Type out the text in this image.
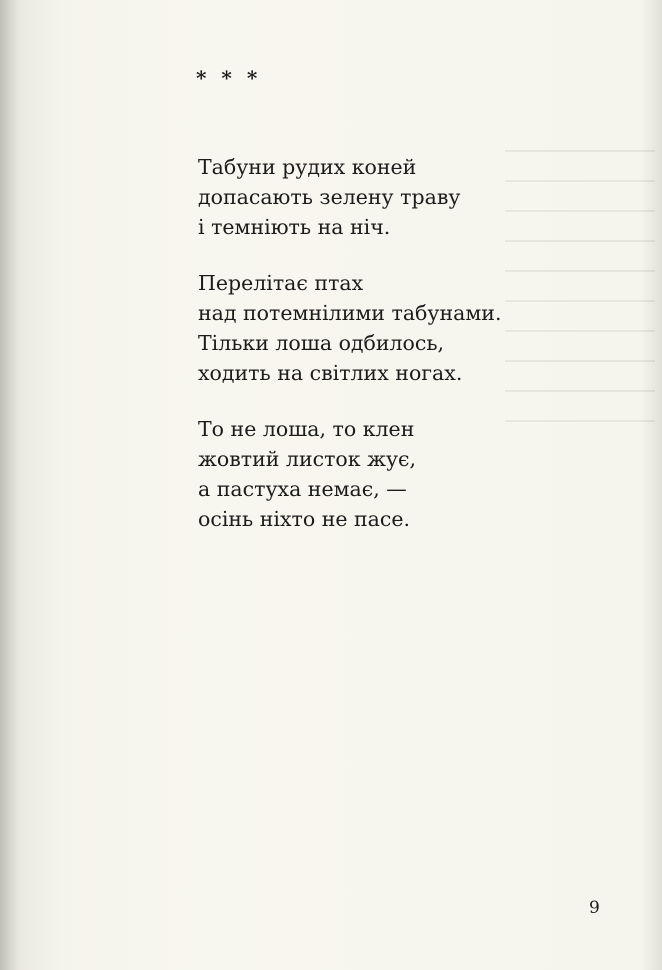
* * *
Табуни рудих коней
допасають зелену траву
і темніють на ніч.
Перелітає птах
над потемнілими табунами.
Тільки лоша одбилось,
ходить на світлих ногах.
То не лоша, то клен
жовтий листок жує,
а пастуха немає, —
осінь ніхто не пасе.
9
